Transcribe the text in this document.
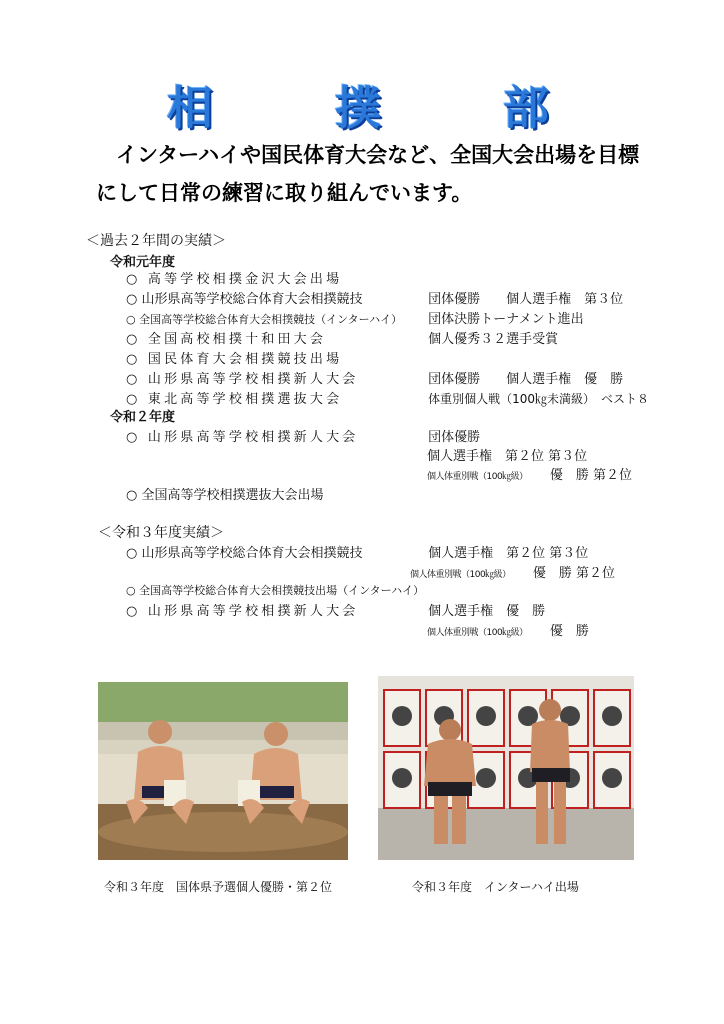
相　撲　部
インターハイや国民体育大会など、全国大会出場を目標
にして日常の練習に取り組んでいます。
＜過去２年間の実績＞
令和元年度
○ 高等学校相撲金沢大会出場
○ 山形県高等学校総合体育大会相撲競技	団体優勝　　個人選手権　第３位
○ 全国高等学校総合体育大会相撲競技（インターハイ） 団体決勝トーナメント進出
○ 全国高校相撲十和田大会	個人優秀３２選手受賞
○ 国民体育大会相撲競技出場
○ 山形県高等学校相撲新人大会	団体優勝　　個人選手権　優　勝
○ 東北高等学校相撲選抜大会	体重別個人戦（100㎏未満級）　ベスト８
令和２年度
○ 山形県高等学校相撲新人大会	団体優勝
個人選手権　第２位 第３位
個人体重別戦（100㎏級） 優　勝 第２位
○ 全国高等学校相撲選抜大会出場
＜令和３年度実績＞
○ 山形県高等学校総合体育大会相撲競技	個人選手権　第２位 第３位
個人体重別戦（100㎏級） 優　勝 第２位
○ 全国高等学校総合体育大会相撲競技出場（インターハイ）
○ 山形県高等学校相撲新人大会	個人選手権　優　勝
個人体重別戦（100㎏級） 優　勝
令和３年度　国体県予選個人優勝・第２位	令和３年度　インターハイ出場
